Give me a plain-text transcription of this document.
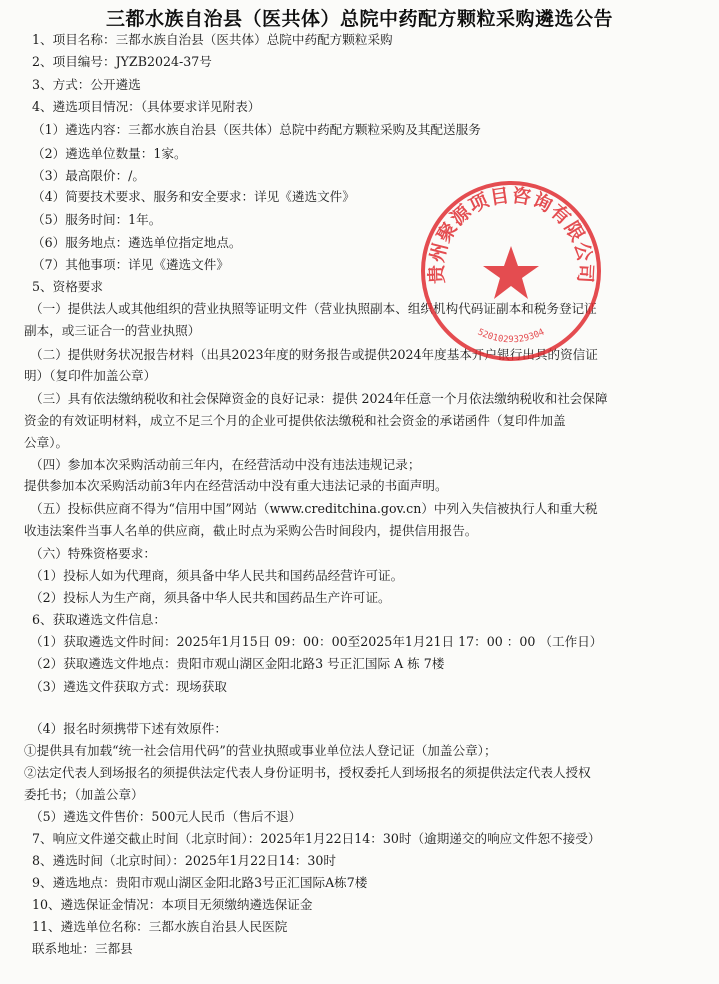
三都水族自治县（医共体）总院中药配方颗粒采购遴选公告
1、项目名称：三都水族自治县（医共体）总院中药配方颗粒采购
2、项目编号：JYZB2024-37号
3、方式：公开遴选
4、遴选项目情况：（具体要求详见附表）
（1）遴选内容：三都水族自治县（医共体）总院中药配方颗粒采购及其配送服务
（2）遴选单位数量：1家。
（3）最高限价：/。
（4）简要技术要求、服务和安全要求：详见《遴选文件》
（5）服务时间：1年。
（6）服务地点：遴选单位指定地点。
（7）其他事项：详见《遴选文件》
5、资格要求
（一）提供法人或其他组织的营业执照等证明文件（营业执照副本、组织机构代码证副本和税务登记证
副本，或三证合一的营业执照）
（二）提供财务状况报告材料（出具2023年度的财务报告或提供2024年度基本开户银行出具的资信证
明）（复印件加盖公章）
（三）具有依法缴纳税收和社会保障资金的良好记录：提供 2024年任意一个月依法缴纳税收和社会保障
资金的有效证明材料，成立不足三个月的企业可提供依法缴税和社会资金的承诺函件（复印件加盖
公章）。
（四）参加本次采购活动前三年内，在经营活动中没有违法违规记录；
提供参加本次采购活动前3年内在经营活动中没有重大违法记录的书面声明。
（五）投标供应商不得为“信用中国”网站（www.creditchina.gov.cn）中列入失信被执行人和重大税
收违法案件当事人名单的供应商，截止时点为采购公告时间段内，提供信用报告。
（六）特殊资格要求：
（1）投标人如为代理商，须具备中华人民共和国药品经营许可证。
（2）投标人为生产商，须具备中华人民共和国药品生产许可证。
6、获取遴选文件信息：
（1）获取遴选文件时间：2025年1月15日 09：00：00至2025年1月21日 17：00 ：00 （工作日）
（2）获取遴选文件地点：贵阳市观山湖区金阳北路3 号正汇国际 A 栋 7楼
（3）遴选文件获取方式：现场获取
（4）报名时须携带下述有效原件：
①提供具有加载“统一社会信用代码”的营业执照或事业单位法人登记证（加盖公章）；
②法定代表人到场报名的须提供法定代表人身份证明书，授权委托人到场报名的须提供法定代表人授权
委托书；（加盖公章）
（5）遴选文件售价：500元人民币（售后不退）
7、响应文件递交截止时间（北京时间）：2025年1月22日14：30时（逾期递交的响应文件恕不接受）
8、遴选时间（北京时间）：2025年1月22日14：30时
9、遴选地点：贵阳市观山湖区金阳北路3号正汇国际A栋7楼
10、遴选保证金情况：本项目无须缴纳遴选保证金
11、遴选单位名称：三都水族自治县人民医院
联系地址：三都县
贵州聚源项目咨询有限公司
5201029329304
